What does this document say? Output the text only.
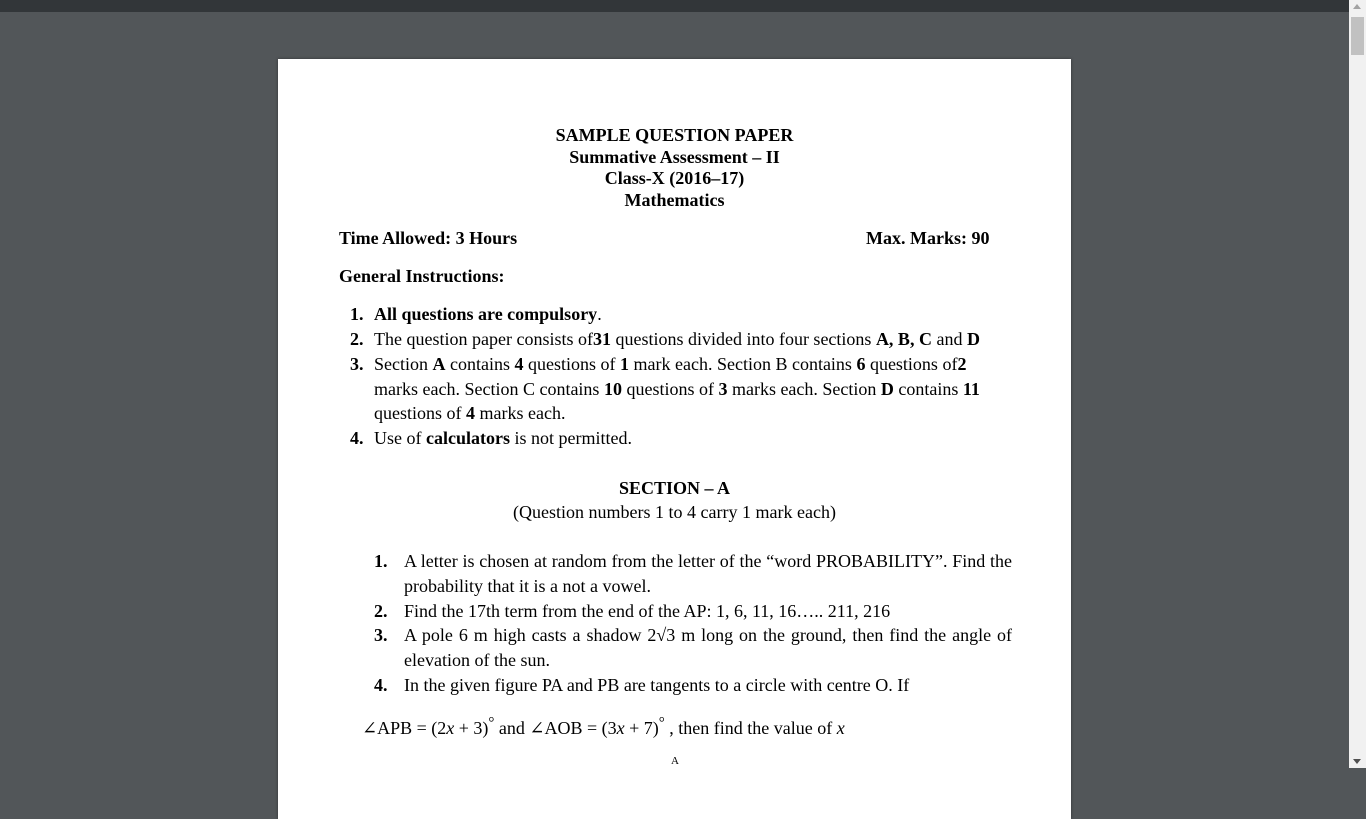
SAMPLE QUESTION PAPER
Summative Assessment – II
Class-X (2016–17)
Mathematics
Time Allowed: 3 Hours	Max. Marks: 90
General Instructions:
1. All questions are compulsory.
2. The question paper consists of31 questions divided into four sections A, B, C and D
3. Section A contains 4 questions of 1 mark each. Section B contains 6 questions of2
marks each. Section C contains 10 questions of 3 marks each. Section D contains 11
questions of 4 marks each.
4. Use of calculators is not permitted.
SECTION – A
(Question numbers 1 to 4 carry 1 mark each)
1. A letter is chosen at random from the letter of the “word PROBABILITY”. Find the probability that it is a not a vowel.
2. Find the 17th term from the end of the AP: 1, 6, 11, 16….. 211, 216
3. A pole 6 m high casts a shadow 2√3 m long on the ground, then find the angle of elevation of the sun.
4. In the given figure PA and PB are tangents to a circle with centre O. If
∠APB = (2x + 3)° and ∠AOB = (3x + 7)° , then find the value of x
A
